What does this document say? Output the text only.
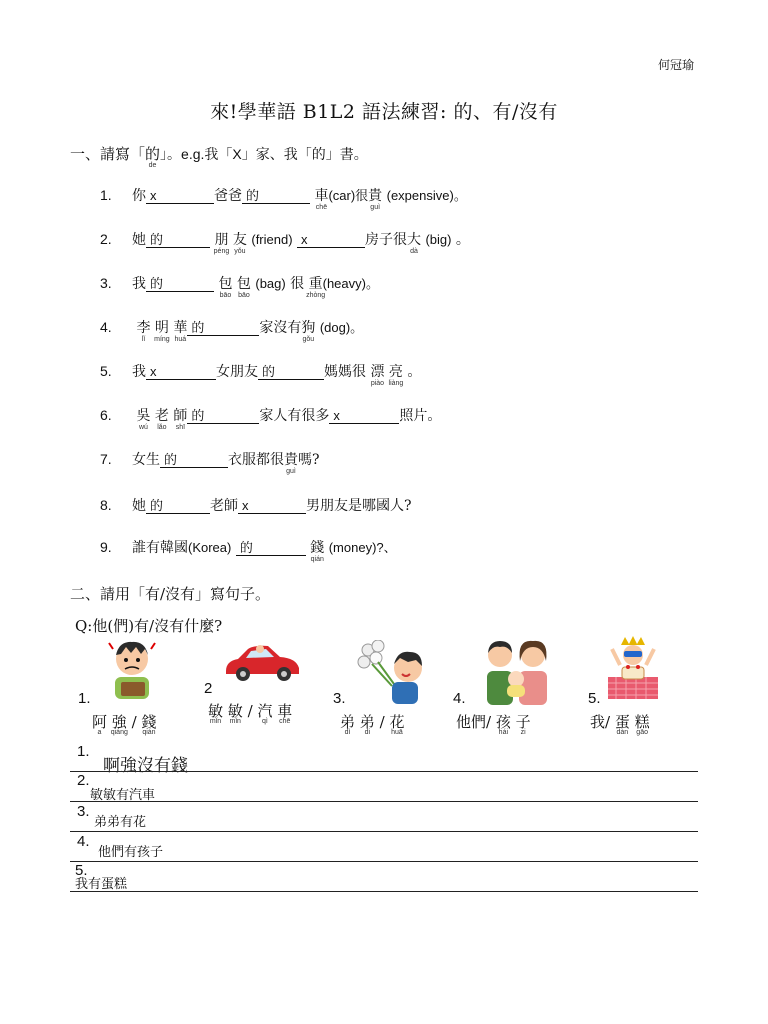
何冠瑜
來!學華語 B1L2 語法練習: 的、有/沒有
一、請寫「的
de
」。e.g.我「X」家、我「的」書。
1. 你 x	爸爸 的	車
chē
(car)很貴
guì
(expensive)。
2. 她 的	朋
péng
友
yǒu
(friend) x	房子很大
dà
(big) 。
3. 我 的	包
bāo
包
bāo
(bag) 很 重
zhòng
(heavy)。
4. 李
lǐ
明
míng
華
huá
的	家沒有狗
gǒu
(dog)。
5. 我 x	女朋友 的	媽媽很 漂
piào
亮
liàng
。
6. 吳
wú
老
lǎo
師
shī
的	家人有很多 x	照片。
7. 女生 的	衣服都很貴
guì
嗎?
8. 她 的	老師 x	男朋友是哪國人?
9. 誰有韓國(Korea) 的	錢
qián
(money)?、
二、請用「有/沒有」寫句子。
Q:他(們)有/沒有什麼?
1.
2
3.	4.	5.
阿
a
強
qiáng
/ 錢
qián
敏
mǐn
敏
mǐn
/ 汽
qì
車
chē	弟
dì
弟
di
/ 花
huā
他們/ 孩
hái
子
zi
我/ 蛋
dàn
糕
gāo
1.
啊強沒有錢
2.
敏敏有汽車
3.
弟弟有花
4.
他們有孩子
5.
我有蛋糕
